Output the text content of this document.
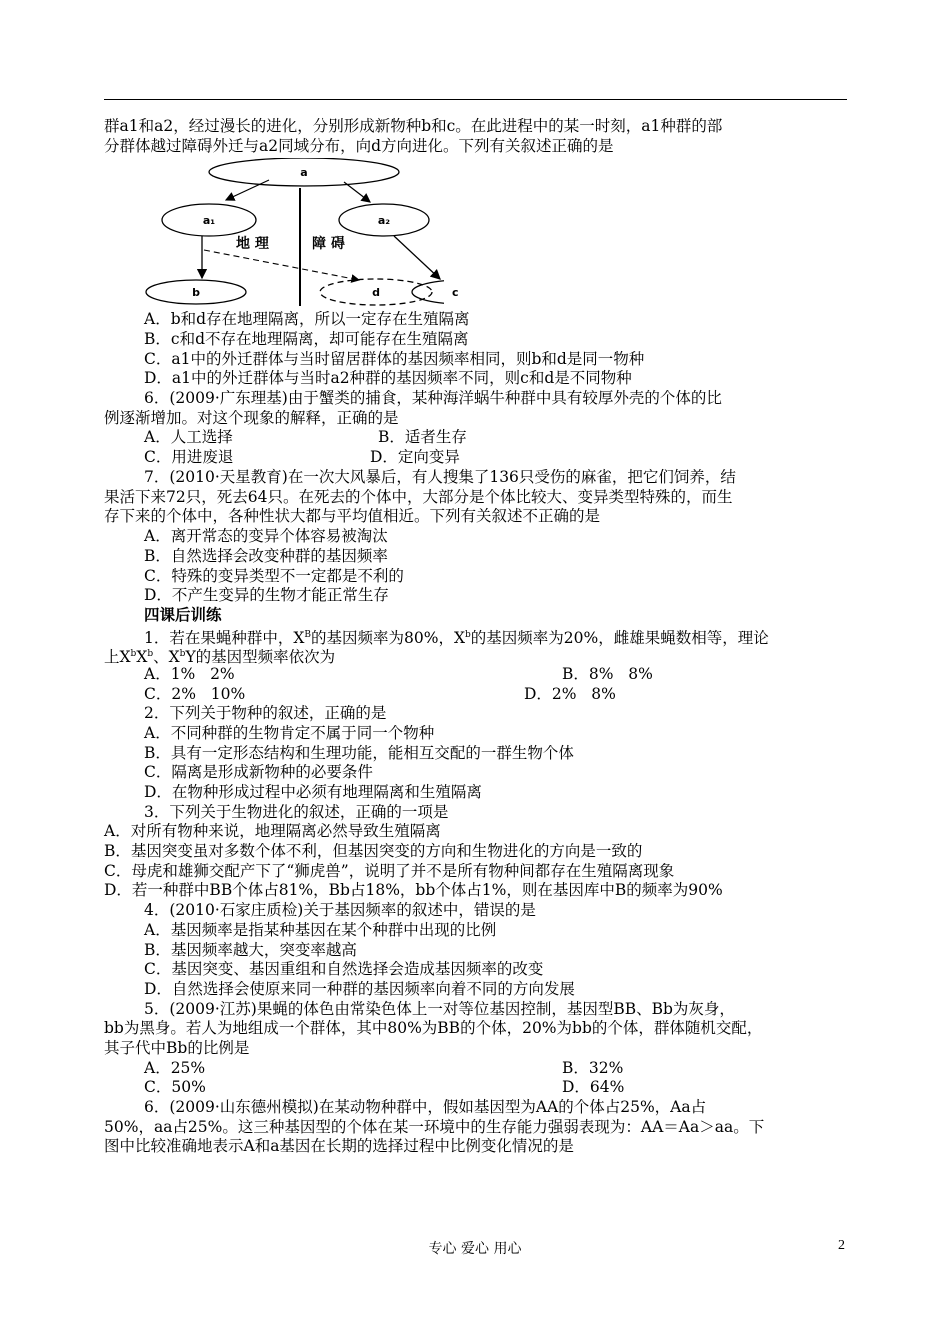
群a1和a2，经过漫长的进化，分别形成新物种b和c。在此进程中的某一时刻，a1种群的部
分群体越过障碍外迁与a2同域分布，向d方向进化。下列有关叙述正确的是
a
a₁	a₂
b	d
地 理	障 碍
c
A．b和d存在地理隔离，所以一定存在生殖隔离
B．c和d不存在地理隔离，却可能存在生殖隔离
C．a1中的外迁群体与当时留居群体的基因频率相同，则b和d是同一物种
D．a1中的外迁群体与当时a2种群的基因频率不同，则c和d是不同物种
6．(2009·广东理基)由于蟹类的捕食，某种海洋蜗牛种群中具有较厚外壳的个体的比
例逐渐增加。对这个现象的解释，正确的是
A．人工选择	B．适者生存
C．用进废退	D．定向变异
7．(2010·天星教育)在一次大风暴后，有人搜集了136只受伤的麻雀，把它们饲养，结
果活下来72只，死去64只。在死去的个体中，大部分是个体比较大、变异类型特殊的，而生
存下来的个体中，各种性状大都与平均值相近。下列有关叙述不正确的是
A．离开常态的变异个体容易被淘汰
B．自然选择会改变种群的基因频率
C．特殊的变异类型不一定都是不利的
D．不产生变异的生物才能正常生存
四课后训练
1．若在果蝇种群中，$X^B$的基因频率为80%，$X^b$的基因频率为20%，雌雄果蝇数相等，理论
上$X^bX^b$、$X^bY$的基因型频率依次为
A．1%   2%	B．8%   8%
C．2%   10%	D．2%   8%
2．下列关于物种的叙述，正确的是
A．不同种群的生物肯定不属于同一个物种
B．具有一定形态结构和生理功能，能相互交配的一群生物个体
C．隔离是形成新物种的必要条件
D．在物种形成过程中必须有地理隔离和生殖隔离
3．下列关于生物进化的叙述，正确的一项是
A．对所有物种来说，地理隔离必然导致生殖隔离
B．基因突变虽对多数个体不利，但基因突变的方向和生物进化的方向是一致的
C．母虎和雄狮交配产下了“狮虎兽”，说明了并不是所有物种间都存在生殖隔离现象
D．若一种群中BB个体占81%，Bb占18%，bb个体占1%，则在基因库中B的频率为90%
4．(2010·石家庄质检)关于基因频率的叙述中，错误的是
A．基因频率是指某种基因在某个种群中出现的比例
B．基因频率越大，突变率越高
C．基因突变、基因重组和自然选择会造成基因频率的改变
D．自然选择会使原来同一种群的基因频率向着不同的方向发展
5．(2009·江苏)果蝇的体色由常染色体上一对等位基因控制，基因型BB、Bb为灰身，
bb为黑身。若人为地组成一个群体，其中80%为BB的个体，20%为bb的个体，群体随机交配，
其子代中Bb的比例是
A．25%	B．32%
C．50%	D．64%
6．(2009·山东德州模拟)在某动物种群中，假如基因型为AA的个体占25%，Aa占
50%，aa占25%。这三种基因型的个体在某一环境中的生存能力强弱表现为：AA＝Aa＞aa。下
图中比较准确地表示A和a基因在长期的选择过程中比例变化情况的是
专心 爱心 用心	2
